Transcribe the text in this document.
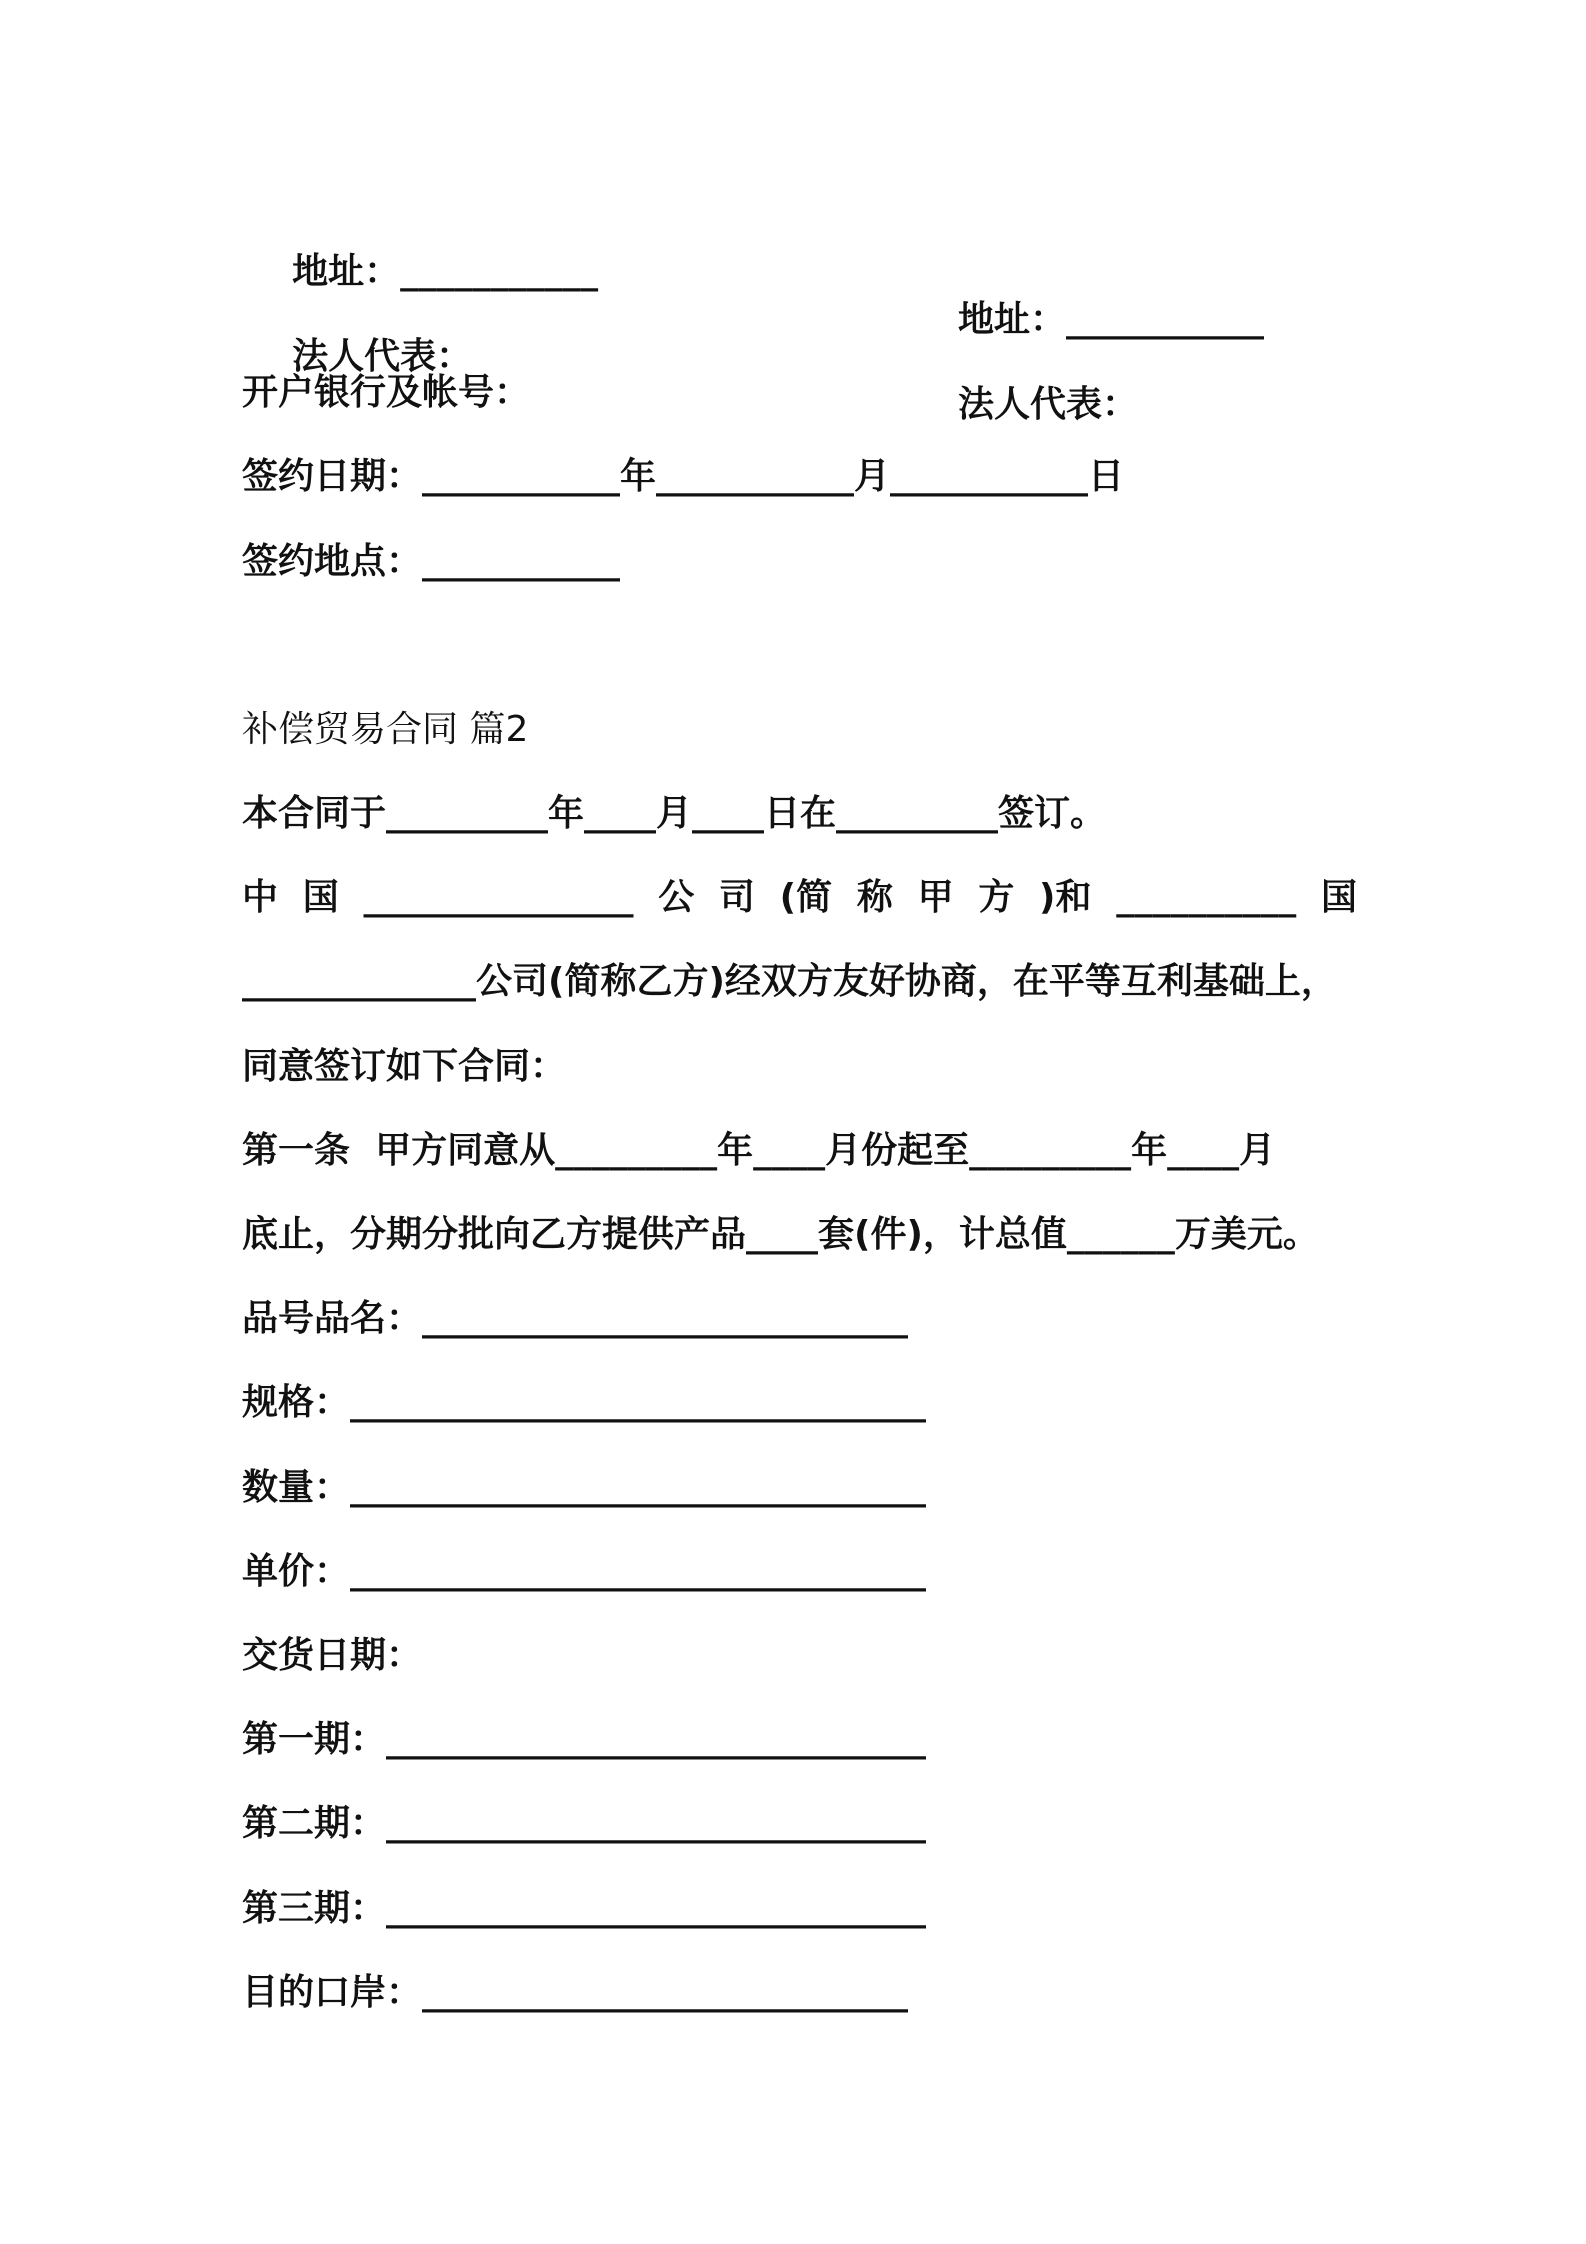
地址：___________

地址：___________

法人代表：

法人代表：

开户银行及帐号：
签约日期：___________年___________月___________日
签约地点：___________
补偿贸易合同 篇2
本合同于_________年____月____日在_________签订。
中 国 _______________ 公 司 (简 称 甲 方 )和 __________ 国
_____________公司(简称乙方)经双方友好协商，在平等互利基础上，
同意签订如下合同：
第一条  甲方同意从_________年____月份起至_________年____月
底止，分期分批向乙方提供产品____套(件)，计总值______万美元。
品号品名：___________________________
规格：________________________________
数量：________________________________
单价：________________________________
交货日期：
第一期：______________________________
第二期：______________________________
第三期：______________________________
目的口岸：___________________________
